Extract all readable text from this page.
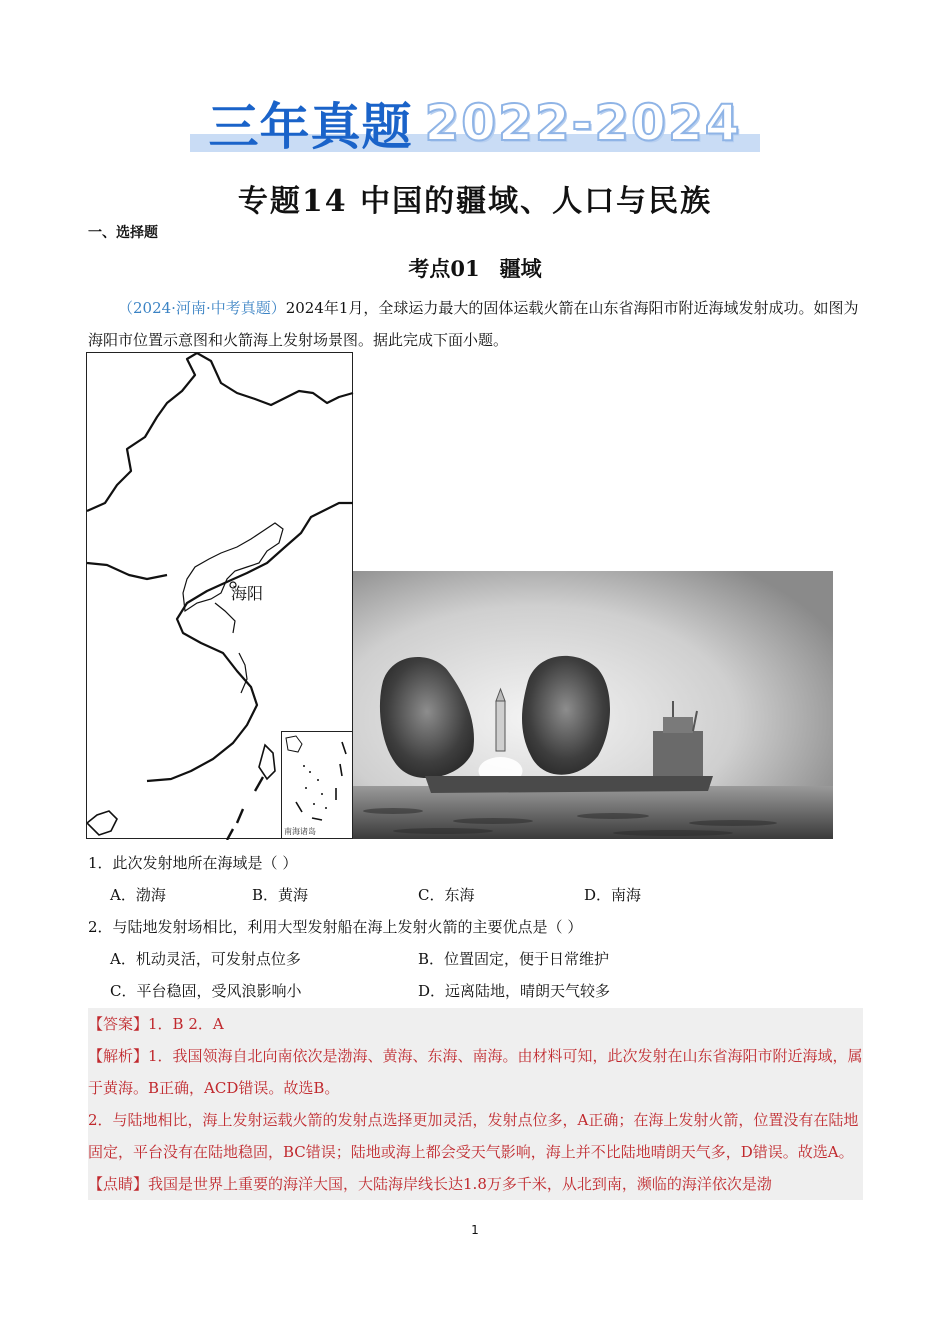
三年真题 2022-2024
专题14 中国的疆域、人口与民族
一、选择题
考点01 疆域
（2024·河南·中考真题）2024年1月，全球运力最大的固体运载火箭在山东省海阳市附近海域发射成功。如图为海阳市位置示意图和火箭海上发射场景图。据此完成下面小题。
海阳
南海诸岛
1．此次发射地所在海域是（ ）
A．渤海	B．黄海	C．东海	D．南海
2．与陆地发射场相比，利用大型发射船在海上发射火箭的主要优点是（ ）
A．机动灵活，可发射点位多	B．位置固定，便于日常维护
C．平台稳固，受风浪影响小	D．远离陆地，晴朗天气较多

【答案】1．B 2．A

【解析】1．我国领海自北向南依次是渤海、黄海、东海、南海。由材料可知，此次发射在山东省海阳市附近海域，属于黄海。B正确，ACD错误。故选B。

2．与陆地相比，海上发射运载火箭的发射点选择更加灵活，发射点位多，A正确；在海上发射火箭，位置没有在陆地固定，平台没有在陆地稳固，BC错误；陆地或海上都会受天气影响，海上并不比陆地晴朗天气多，D错误。故选A。

【点睛】我国是世界上重要的海洋大国，大陆海岸线长达1.8万多千米，从北到南，濒临的海洋依次是渤

1
